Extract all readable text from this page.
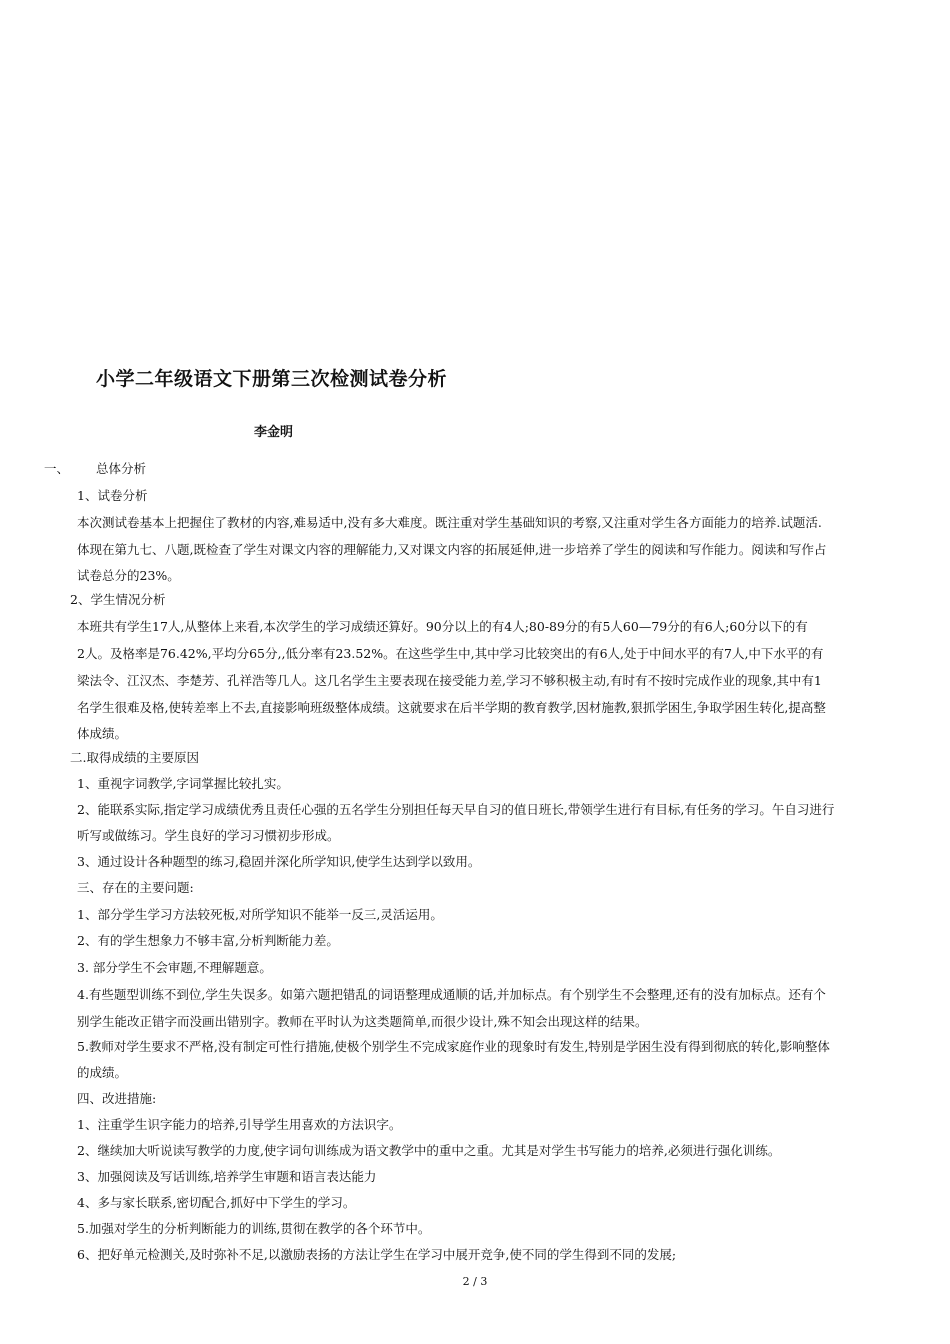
小学二年级语文下册第三次检测试卷分析
李金明
一、 总体分析
1、试卷分析
本次测试卷基本上把握住了教材的内容,难易适中,没有多大难度。既注重对学生基础知识的考察,又注重对学生各方面能力的培养.试题活.
体现在第九七、八题,既检查了学生对课文内容的理解能力,又对课文内容的拓展延伸,进一步培养了学生的阅读和写作能力。阅读和写作占
试卷总分的23%。
2、学生情况分析
本班共有学生17人,从整体上来看,本次学生的学习成绩还算好。90分以上的有4人;80-89分的有5人60—79分的有6人;60分以下的有
2人。及格率是76.42%,平均分65分,,低分率有23.52%。在这些学生中,其中学习比较突出的有6人,处于中间水平的有7人,中下水平的有
梁法令、江汉杰、李楚芳、孔祥浩等几人。这几名学生主要表现在接受能力差,学习不够积极主动,有时有不按时完成作业的现象,其中有1
名学生很难及格,使转差率上不去,直接影响班级整体成绩。这就要求在后半学期的教育教学,因材施教,狠抓学困生,争取学困生转化,提高整
体成绩。
二.取得成绩的主要原因
1、重视字词教学,字词掌握比较扎实。
2、能联系实际,指定学习成绩优秀且责任心强的五名学生分别担任每天早自习的值日班长,带领学生进行有目标,有任务的学习。午自习进行
听写或做练习。学生良好的学习习惯初步形成。
3、通过设计各种题型的练习,稳固并深化所学知识,使学生达到学以致用。
三、存在的主要问题:
1、部分学生学习方法较死板,对所学知识不能举一反三,灵活运用。
2、有的学生想象力不够丰富,分析判断能力差。
3. 部分学生不会审题,不理解题意。
4.有些题型训练不到位,学生失误多。如第六题把错乱的词语整理成通顺的话,并加标点。有个别学生不会整理,还有的没有加标点。还有个
别学生能改正错字而没画出错别字。教师在平时认为这类题简单,而很少设计,殊不知会出现这样的结果。
5.教师对学生要求不严格,没有制定可性行措施,使极个别学生不完成家庭作业的现象时有发生,特别是学困生没有得到彻底的转化,影响整体
的成绩。
四、改进措施:
1、注重学生识字能力的培养,引导学生用喜欢的方法识字。
2、继续加大听说读写教学的力度,使字词句训练成为语文教学中的重中之重。尤其是对学生书写能力的培养,必须进行强化训练。
3、加强阅读及写话训练,培养学生审题和语言表达能力
4、多与家长联系,密切配合,抓好中下学生的学习。
5.加强对学生的分析判断能力的训练,贯彻在教学的各个环节中。
6、把好单元检测关,及时弥补不足,以激励表扬的方法让学生在学习中展开竞争,使不同的学生得到不同的发展;
2 / 3
